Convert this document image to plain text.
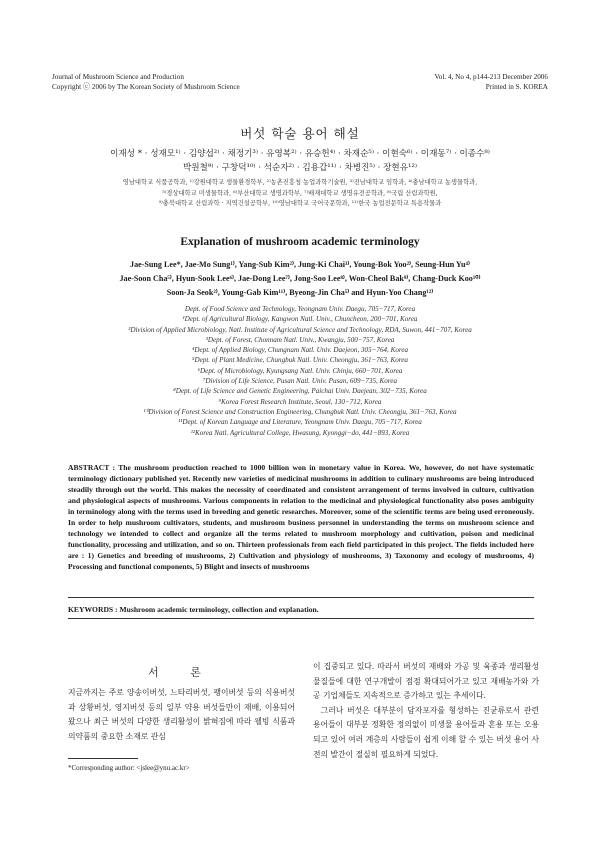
Journal of Mushroom Science and Production
Copyright ⓒ 2006 by The Korean Society of Mushroom Science
Vol. 4, No 4, p144-213 December 2006
Printed in S. KOREA
버섯 학술 용어 해설
이재성 * · 성재모¹⁾ · 김양섭²⁾ · 채정기³⁾ · 유영복²⁾ · 유승헌⁴⁾ · 차재순⁵⁾ · 이현숙⁶⁾ · 이재동⁷⁾ · 이종수⁸⁾
박원철⁹⁾ · 구창덕¹⁰⁾ · 석순자²⁾ · 김용갑¹¹⁾ · 차병진⁵⁾ · 장현유¹²⁾
영남대학교 식품공학과, ¹⁾강원대학교 생물환경학부, ²⁾농촌진흥청 농업과학기술원, ³⁾전남대학교 임학과, ⁴⁾충남대학교 농생물학과,
⁵⁾경상대학교 미생물학과, ⁶⁾부산대학교 생명과학부, ⁷⁾배재대학교 생명유전공학과, ⁸⁾국립 산림과학원,
⁹⁾충북대학교 산림과학 · 지역건설공학부, ¹⁰⁾영남대학교 국어국문학과, ¹¹⁾한국 농업전문학교 특용작물과
Explanation of mushroom academic terminology
Jae-Sung Lee*, Jae-Mo Sung¹⁾, Yang-Sub Kim²⁾, Jung-Ki Chai³⁾, Young-Bok Yoo²⁾, Seung-Hun Yu⁴⁾
Jae-Soon Cha⁵⁾, Hyun-Sook Lee⁶⁾, Jae-Dong Lee⁷⁾, Jong-Soo Lee⁸⁾, Won-Cheol Bak⁹⁾, Chang-Duck Koo¹⁰⁾
Soon-Ja Seok²⁾, Young-Gab Kim¹¹⁾, Byeong-Jin Cha⁵⁾ and Hyun-Yoo Chang¹²⁾
Dept. of Food Science and Technology, Yeongnam Univ. Daegu, 705−717, Korea
¹Dept. of Agricultural Biology, Kangwon Natl. Univ., Chuncheon, 200−701, Korea
²Division of Applied Microbiology, Natl. Institute of Agricultural Science and Technology, RDA, Suwon, 441−707, Korea
³Dept. of Forest, Chonnam Natl. Univ., Kwangju, 500−757, Korea
⁴Dept. of Applied Biology, Chungnam Natl. Univ. Daejeon, 305−764, Korea
⁵Dept. of Plant Medicine, Chungbuk Natl. Univ. Cheongju, 361−763, Korea
⁶Dept. of Microbiology, Kyungsang Natl. Univ. Chinju, 660−701, Korea
⁷Division of Life Science, Pusan Natl. Univ. Pusan, 609−735, Korea
⁸Dept. of Life Science and Genetic Engineering, Paichai Univ. Daejean, 302−735, Korea
⁹Korea Forest Research Institute, Seoul, 130−712, Korea
¹⁰Division of Forest Science and Construction Engineering, Chungbuk Natl. Univ. Cheongju, 361−763, Korea
¹¹Dept. of Korean Language and Literature, Yeongnam Univ. Daegu, 705−717, Korea
¹²Korea Natl. Agricultural College, Hwasung, Kyonggi−do, 441−893, Korea

ABSTRACT : The mushroom production reached to 1000 billion won in monetary value in Korea. We, however, do not have systematic terminology dictionary published yet. Recently new varieties of medicinal mushrooms in addition to culinary mushrooms are being introduced steadily through out the world. This makes the necessity of coordinated and consistent arrangement of terms involved in culture, cultivation and physiological aspects of mushrooms. Various components in relation to the medicinal and physiological functionality also poses ambiguity in terminology along with the terms used in breeding and genetic researches. Moreover, some of the scientific terms are being used erroneously. In order to help mushroom cultivators, students, and mushroom business personnel in understanding the terms on mushroom science and technology we intended to collect and organize all the terms related to mushroom morphology and cultivation, poison and medicinal functionality, processing and utilization, and so on. Thirteen professionals from each field participated in this project. The fields included here are : 1) Genetics and breeding of mushrooms, 2) Cultivation and physiology of mushrooms, 3) Taxonomy and ecology of mushrooms, 4) Processing and functional components, 5) Blight and insects of mushrooms

KEYWORDS : Mushroom academic terminology, collection and explanation.
서 론

지금까지는 주로 양송이버섯, 느타리버섯, 팽이버섯 등의 식용버섯과 상황버섯, 영지버섯 등의 일부 약용 버섯들만이 재배, 이용되어왔으나 최근 버섯의 다양한 생리활성이 밝혀짐에 따라 웰빙 식품과 의약품의 중요한 소재로 관심

이 집중되고 있다. 따라서 버섯의 재배와 가공 및 육종과 생리활성물질들에 대한 연구개발이 점점 확대되어가고 있고 재배농가와 가공 기업체들도 지속적으로 증가하고 있는 추세이다.

그러나 버섯은 대부분이 담자포자를 형성하는 진균류로서 관련 용어들이 대부분 정확한 정의없이 미생물 용어들과 혼용 또는 오용되고 있어 여러 계층의 사람들이 쉽게 이해 할 수 있는 버섯 용어 사전의 발간이 절실히 필요하게 되었다.

*Corresponding author: <jslee@ynu.ac.kr>
